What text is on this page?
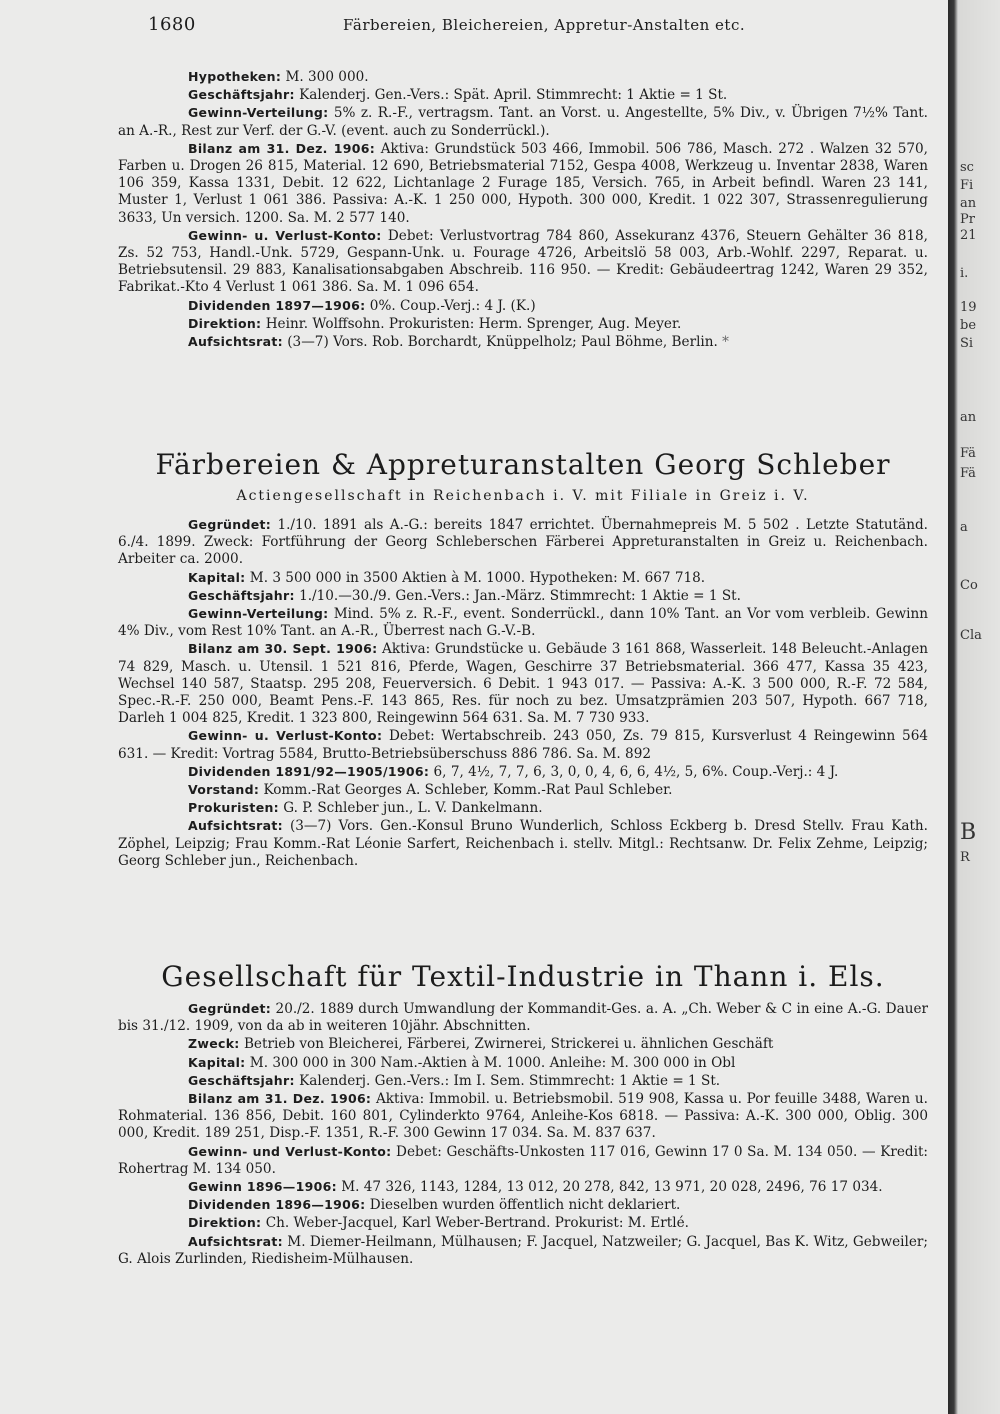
1680	Färbereien, Bleichereien, Appretur-Anstalten etc.

Hypotheken: M. 300 000.

Geschäftsjahr: Kalenderj. Gen.-Vers.: Spät. April. Stimmrecht: 1 Aktie = 1 St.

Gewinn-Verteilung: 5% z. R.-F., vertragsm. Tant. an Vorst. u. Angestellte, 5% Div., v. Übrigen 7½% Tant. an A.-R., Rest zur Verf. der G.-V. (event. auch zu Sonderrückl.).

Bilanz am 31. Dez. 1906: Aktiva: Grundstück 503 466, Immobil. 506 786, Masch. 272 . Walzen 32 570, Farben u. Drogen 26 815, Material. 12 690, Betriebsmaterial 7152, Gespa 4008, Werkzeug u. Inventar 2838, Waren 106 359, Kassa 1331, Debit. 12 622, Lichtanlage 2 Furage 185, Versich. 765, in Arbeit befindl. Waren 23 141, Muster 1, Verlust 1 061 386. Passiva: A.-K. 1 250 000, Hypoth. 300 000, Kredit. 1 022 307, Strassenregulierung 3633, Un versich. 1200. Sa. M. 2 577 140.

Gewinn- u. Verlust-Konto: Debet: Verlustvortrag 784 860, Assekuranz 4376, Steuern Gehälter 36 818, Zs. 52 753, Handl.-Unk. 5729, Gespann-Unk. u. Fourage 4726, Arbeitslö 58 003, Arb.-Wohlf. 2297, Reparat. u. Betriebsutensil. 29 883, Kanalisationsabgaben Abschreib. 116 950. — Kredit: Gebäudeertrag 1242, Waren 29 352, Fabrikat.-Kto 4 Verlust 1 061 386. Sa. M. 1 096 654.

Dividenden 1897—1906: 0%. Coup.-Verj.: 4 J. (K.)

Direktion: Heinr. Wolffsohn. Prokuristen: Herm. Sprenger, Aug. Meyer.

Aufsichtsrat: (3—7) Vors. Rob. Borchardt, Knüppelholz; Paul Böhme, Berlin. *

Färbereien & Appreturanstalten Georg Schleber
Actiengesellschaft in Reichenbach i. V. mit Filiale in Greiz i. V.

Gegründet: 1./10. 1891 als A.-G.: bereits 1847 errichtet. Übernahmepreis M. 5 502 . Letzte Statutänd. 6./4. 1899. Zweck: Fortführung der Georg Schleberschen Färberei Appreturanstalten in Greiz u. Reichenbach. Arbeiter ca. 2000.

Kapital: M. 3 500 000 in 3500 Aktien à M. 1000. Hypotheken: M. 667 718.

Geschäftsjahr: 1./10.—30./9. Gen.-Vers.: Jan.-März. Stimmrecht: 1 Aktie = 1 St.

Gewinn-Verteilung: Mind. 5% z. R.-F., event. Sonderrückl., dann 10% Tant. an Vor vom verbleib. Gewinn 4% Div., vom Rest 10% Tant. an A.-R., Überrest nach G.-V.-B.

Bilanz am 30. Sept. 1906: Aktiva: Grundstücke u. Gebäude 3 161 868, Wasserleit. 148 Beleucht.-Anlagen 74 829, Masch. u. Utensil. 1 521 816, Pferde, Wagen, Geschirre 37 Betriebsmaterial. 366 477, Kassa 35 423, Wechsel 140 587, Staatsp. 295 208, Feuerversich. 6 Debit. 1 943 017. — Passiva: A.-K. 3 500 000, R.-F. 72 584, Spec.-R.-F. 250 000, Beamt Pens.-F. 143 865, Res. für noch zu bez. Umsatzprämien 203 507, Hypoth. 667 718, Darleh 1 004 825, Kredit. 1 323 800, Reingewinn 564 631. Sa. M. 7 730 933.

Gewinn- u. Verlust-Konto: Debet: Wertabschreib. 243 050, Zs. 79 815, Kursverlust 4 Reingewinn 564 631. — Kredit: Vortrag 5584, Brutto-Betriebsüberschuss 886 786. Sa. M. 892

Dividenden 1891/92—1905/1906: 6, 7, 4½, 7, 7, 6, 3, 0, 0, 4, 6, 6, 4½, 5, 6%. Coup.-Verj.: 4 J.

Vorstand: Komm.-Rat Georges A. Schleber, Komm.-Rat Paul Schleber.

Prokuristen: G. P. Schleber jun., L. V. Dankelmann.

Aufsichtsrat: (3—7) Vors. Gen.-Konsul Bruno Wunderlich, Schloss Eckberg b. Dresd Stellv. Frau Kath. Zöphel, Leipzig; Frau Komm.-Rat Léonie Sarfert, Reichenbach i. stellv. Mitgl.: Rechtsanw. Dr. Felix Zehme, Leipzig; Georg Schleber jun., Reichenbach.

Gesellschaft für Textil-Industrie in Thann i. Els.

Gegründet: 20./2. 1889 durch Umwandlung der Kommandit-Ges. a. A. „Ch. Weber & C in eine A.-G. Dauer bis 31./12. 1909, von da ab in weiteren 10jähr. Abschnitten.

Zweck: Betrieb von Bleicherei, Färberei, Zwirnerei, Strickerei u. ähnlichen Geschäft

Kapital: M. 300 000 in 300 Nam.-Aktien à M. 1000. Anleihe: M. 300 000 in Obl

Geschäftsjahr: Kalenderj. Gen.-Vers.: Im I. Sem. Stimmrecht: 1 Aktie = 1 St.

Bilanz am 31. Dez. 1906: Aktiva: Immobil. u. Betriebsmobil. 519 908, Kassa u. Por feuille 3488, Waren u. Rohmaterial. 136 856, Debit. 160 801, Cylinderkto 9764, Anleihe-Kos 6818. — Passiva: A.-K. 300 000, Oblig. 300 000, Kredit. 189 251, Disp.-F. 1351, R.-F. 300 Gewinn 17 034. Sa. M. 837 637.

Gewinn- und Verlust-Konto: Debet: Geschäfts-Unkosten 117 016, Gewinn 17 0 Sa. M. 134 050. — Kredit: Rohertrag M. 134 050.

Gewinn 1896—1906: M. 47 326, 1143, 1284, 13 012, 20 278, 842, 13 971, 20 028, 2496, 76 17 034.

Dividenden 1896—1906: Dieselben wurden öffentlich nicht deklariert.

Direktion: Ch. Weber-Jacquel, Karl Weber-Bertrand. Prokurist: M. Ertlé.

Aufsichtsrat: M. Diemer-Heilmann, Mülhausen; F. Jacquel, Natzweiler; G. Jacquel, Bas K. Witz, Gebweiler; G. Alois Zurlinden, Riedisheim-Mülhausen.

sc
Fi
an
Pr
21
i.
19
be
Si
an
Fä
Fä
a
B
Co
Cla
R
